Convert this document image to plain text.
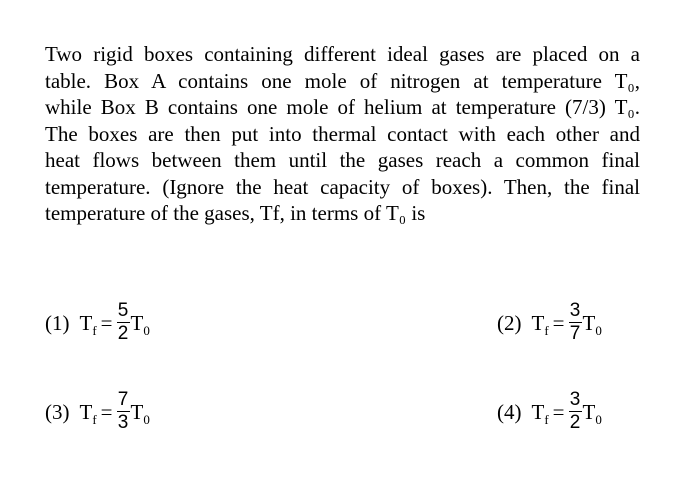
Two rigid boxes containing different ideal gases are placed on a
table. Box A contains one mole of nitrogen at temperature T₀,
while Box B contains one mole of helium at temperature (7/3) T₀.
The boxes are then put into thermal contact with each other and
heat flows between them until the gases reach a common final
temperature. (Ignore the heat capacity of boxes). Then, the final
temperature of the gases, Tf, in terms of T₀ is
(1) $T_f = \frac{5}{2} T_0$	(2) $T_f = \frac{3}{7} T_0$
(3) $T_f = \frac{7}{3} T_0$	(4) $T_f = \frac{3}{2} T_0$
